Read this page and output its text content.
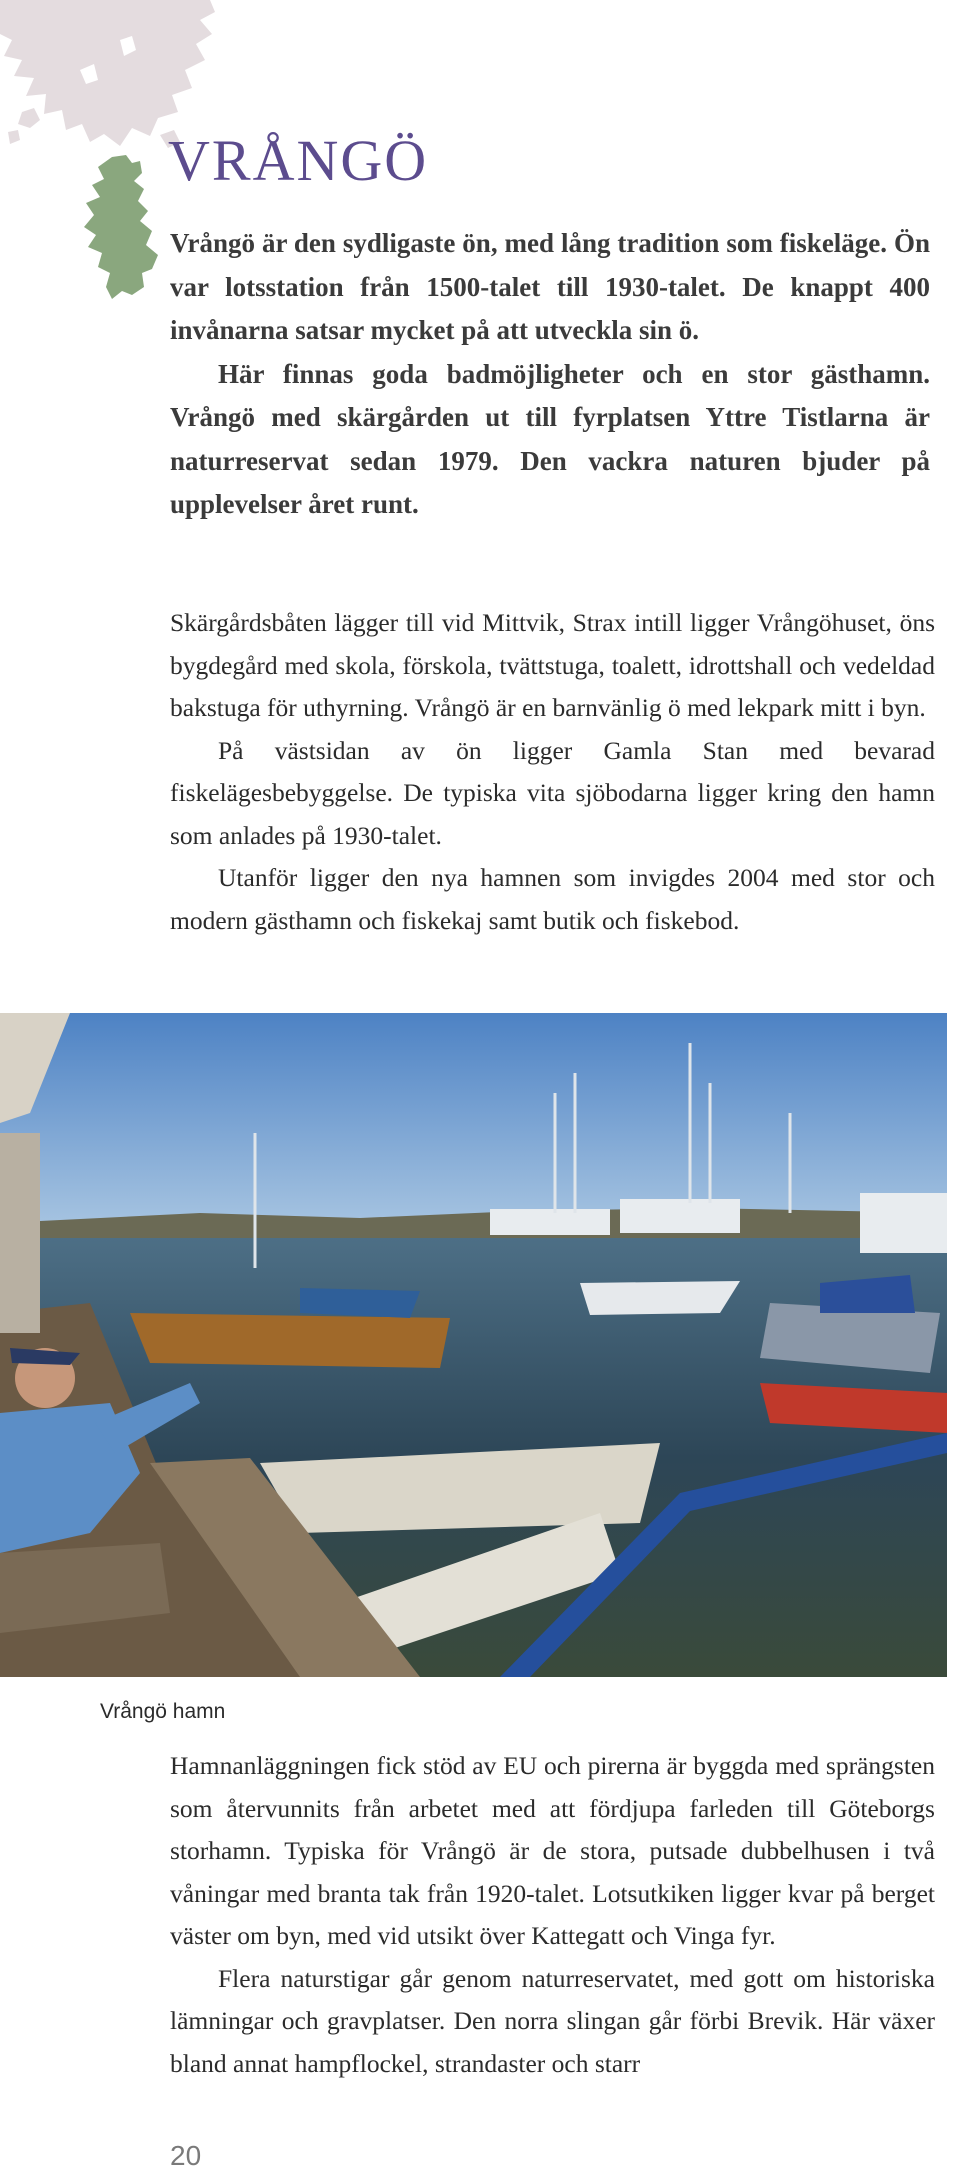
VRÅNGÖ

Vrångö är den sydligaste ön, med lång tradition som fiskeläge. Ön var lotsstation från 1500-talet till 1930-talet. De knappt 400 invånarna satsar mycket på att utveckla sin ö.

Här finnas goda badmöjligheter och en stor gästhamn. Vrångö med skärgården ut till fyrplatsen Yttre Tistlarna är naturreservat sedan 1979. Den vackra naturen bjuder på upplevelser året runt.

Skärgårdsbåten lägger till vid Mittvik, Strax intill ligger Vrångöhuset, öns bygdegård med skola, förskola, tvättstuga, toalett, idrottshall och vedeldad bakstuga för uthyrning. Vrångö är en barnvänlig ö med lekpark mitt i byn.

På västsidan av ön ligger Gamla Stan med bevarad fiskelägesbebyggelse. De typiska vita sjöbodarna ligger kring den hamn som anlades på 1930-talet.

Utanför ligger den nya hamnen som invigdes 2004 med stor och modern gästhamn och fiskekaj samt butik och fiskebod.

Vrångö hamn

Hamnanläggningen fick stöd av EU och pirerna är byggda med sprängsten som återvunnits från arbetet med att fördjupa farleden till Göteborgs storhamn. Typiska för Vrångö är de stora, putsade dubbelhusen i två våningar med branta tak från 1920-talet. Lotsutkiken ligger kvar på berget väster om byn, med vid utsikt över Kattegatt och Vinga fyr.

Flera naturstigar går genom naturreservatet, med gott om historiska lämningar och gravplatser. Den norra slingan går förbi Brevik. Här växer bland annat hampflockel, strandaster och starr

20
